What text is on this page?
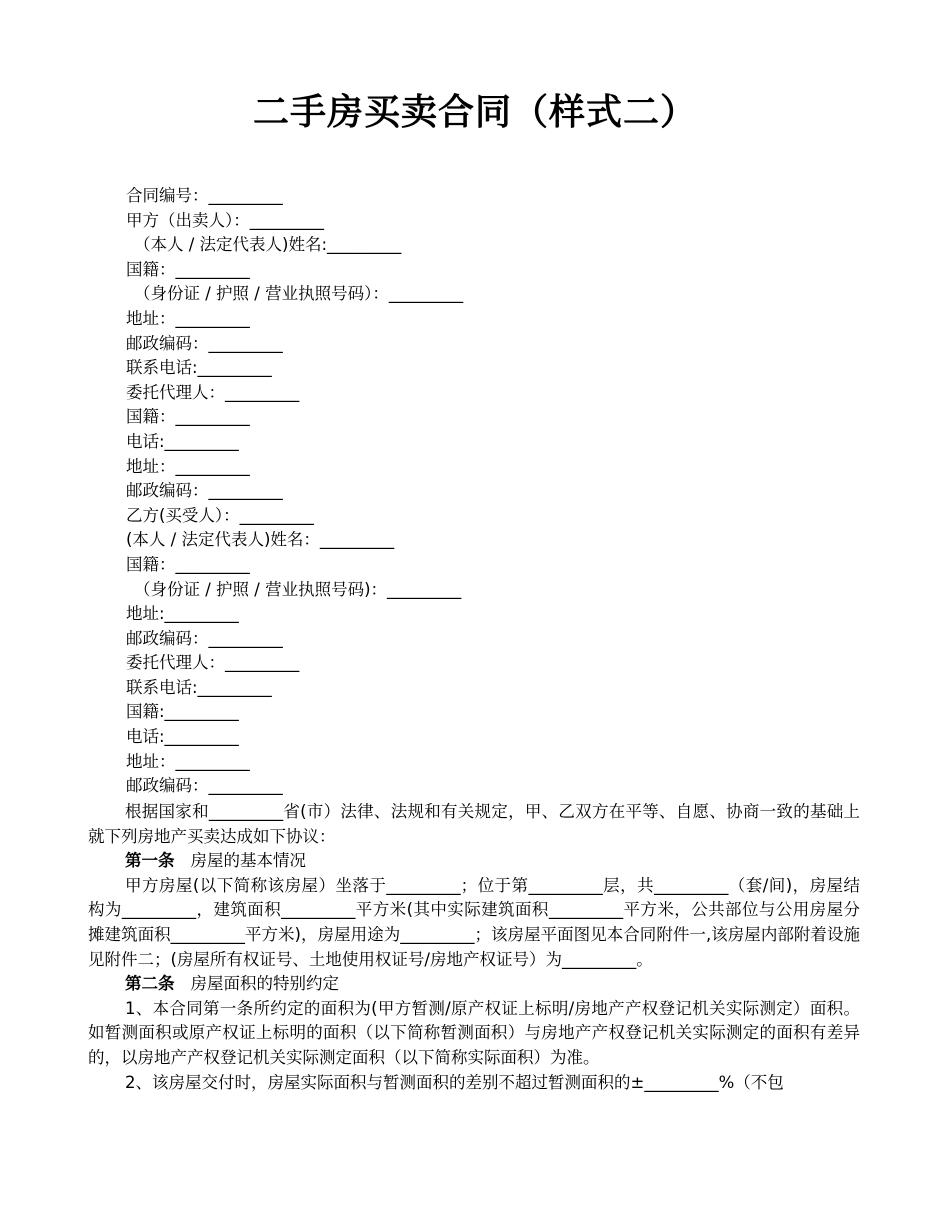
二手房买卖合同（样式二）
合同编号：_________
甲方（出卖人）：_________
（本人 / 法定代表人)姓名:_________
国籍：_________
（身份证 / 护照 / 营业执照号码）：_________
地址：_________
邮政编码：_________
联系电话:_________
委托代理人：_________
国籍：_________
电话:_________
地址：_________
邮政编码：_________
乙方(买受人）：_________
(本人 / 法定代表人)姓名：_________
国籍：_________
（身份证 / 护照 / 营业执照号码)：_________
地址:_________
邮政编码：_________
委托代理人：_________
联系电话:_________
国籍:_________
电话:_________
地址：_________
邮政编码：_________

根据国家和_________省(市）法律、法规和有关规定，甲、乙双方在平等、自愿、协商一致的基础上就下列房地产买卖达成如下协议：

第一条 房屋的基本情况

甲方房屋(以下简称该房屋）坐落于_________；位于第_________层，共_________（套/间)，房屋结构为_________，建筑面积_________平方米(其中实际建筑面积_________平方米，公共部位与公用房屋分摊建筑面积_________平方米)，房屋用途为_________；该房屋平面图见本合同附件一,该房屋内部附着设施见附件二；(房屋所有权证号、土地使用权证号/房地产权证号）为_________。

第二条 房屋面积的特别约定

1、本合同第一条所约定的面积为(甲方暂测/原产权证上标明/房地产产权登记机关实际测定）面积。如暂测面积或原产权证上标明的面积（以下简称暂测面积）与房地产产权登记机关实际测定的面积有差异的，以房地产产权登记机关实际测定面积（以下简称实际面积）为准。

2、该房屋交付时，房屋实际面积与暂测面积的差别不超过暂测面积的±_________%（不包
